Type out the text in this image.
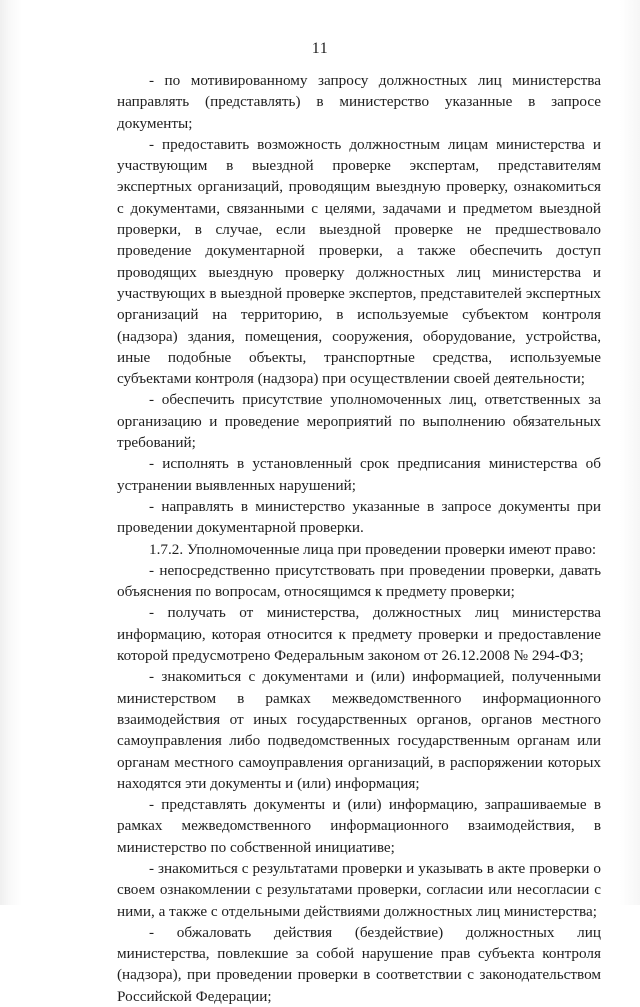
11

- по мотивированному запросу должностных лиц министерства направлять (представлять) в министерство указанные в запросе документы;

- предоставить возможность должностным лицам министерства и участвующим в выездной проверке экспертам, представителям экспертных организаций, проводящим выездную проверку, ознакомиться с документами, связанными с целями, задачами и предметом выездной проверки, в случае, если выездной проверке не предшествовало проведение документарной проверки, а также обеспечить доступ проводящих выездную проверку должностных лиц министерства и участвующих в выездной проверке экспертов, представителей экспертных организаций на территорию, в используемые субъектом контроля (надзора) здания, помещения, сооружения, оборудование, устройства, иные подобные объекты, транспортные средства, используемые субъектами контроля (надзора) при осуществлении своей деятельности;

- обеспечить присутствие уполномоченных лиц, ответственных за организацию и проведение мероприятий по выполнению обязательных требований;

- исполнять в установленный срок предписания министерства об устранении выявленных нарушений;

- направлять в министерство указанные в запросе документы при проведении документарной проверки.

1.7.2. Уполномоченные лица при проведении проверки имеют право:

- непосредственно присутствовать при проведении проверки, давать объяснения по вопросам, относящимся к предмету проверки;

- получать от министерства, должностных лиц министерства информацию, которая относится к предмету проверки и предоставление которой предусмотрено Федеральным законом от 26.12.2008 № 294-ФЗ;

- знакомиться с документами и (или) информацией, полученными министерством в рамках межведомственного информационного взаимодействия от иных государственных органов, органов местного самоуправления либо подведомственных государственным органам или органам местного самоуправления организаций, в распоряжении которых находятся эти документы и (или) информация;

- представлять документы и (или) информацию, запрашиваемые в рамках межведомственного информационного взаимодействия, в министерство по собственной инициативе;

- знакомиться с результатами проверки и указывать в акте проверки о своем ознакомлении с результатами проверки, согласии или несогласии с ними, а также с отдельными действиями должностных лиц министерства;

- обжаловать действия (бездействие) должностных лиц министерства, повлекшие за собой нарушение прав субъекта контроля (надзора), при проведении проверки в соответствии с законодательством Российской Федерации;
